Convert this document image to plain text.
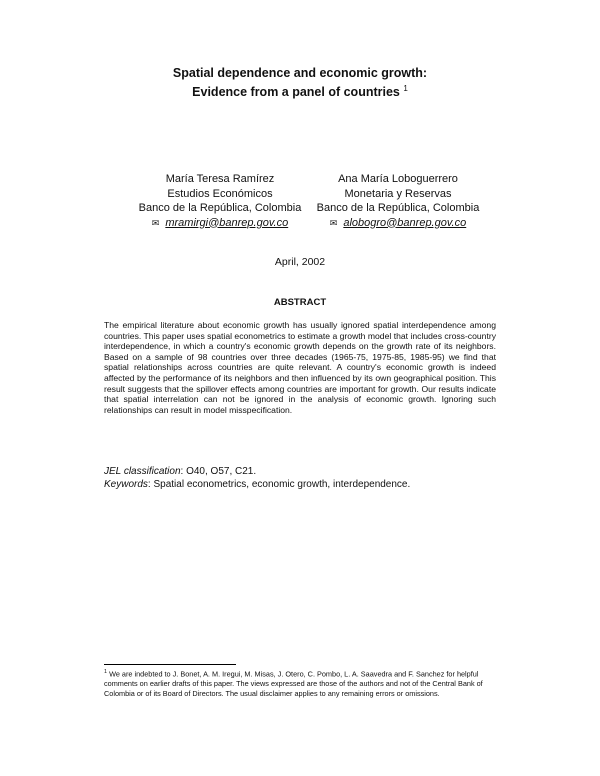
Spatial dependence and economic growth:
Evidence from a panel of countries $^1$
María Teresa Ramírez
Estudios Económicos
Banco de la República, Colombia
✉ mramirgi@banrep.gov.co
Ana María Loboguerrero
Monetaria y Reservas
Banco de la República, Colombia
✉ alobogro@banrep.gov.co
April, 2002
ABSTRACT
The empirical literature about economic growth has usually ignored spatial interdependence among countries. This paper uses spatial econometrics to estimate a growth model that includes cross-country interdependence, in which a country's economic growth depends on the growth rate of its neighbors. Based on a sample of 98 countries over three decades (1965-75, 1975-85, 1985-95) we find that spatial relationships across countries are quite relevant. A country's economic growth is indeed affected by the performance of its neighbors and then influenced by its own geographical position. This result suggests that the spillover effects among countries are important for growth. Our results indicate that spatial interrelation can not be ignored in the analysis of economic growth. Ignoring such relationships can result in model misspecification.
JEL classification: O40, O57, C21.
Keywords: Spatial econometrics, economic growth, interdependence.
$^1$ We are indebted to J. Bonet, A. M. Iregui, M. Misas, J. Otero, C. Pombo, L. A. Saavedra and F. Sanchez for helpful comments on earlier drafts of this paper. The views expressed are those of the authors and not of the Central Bank of Colombia or of its Board of Directors. The usual disclaimer applies to any remaining errors or omissions.
